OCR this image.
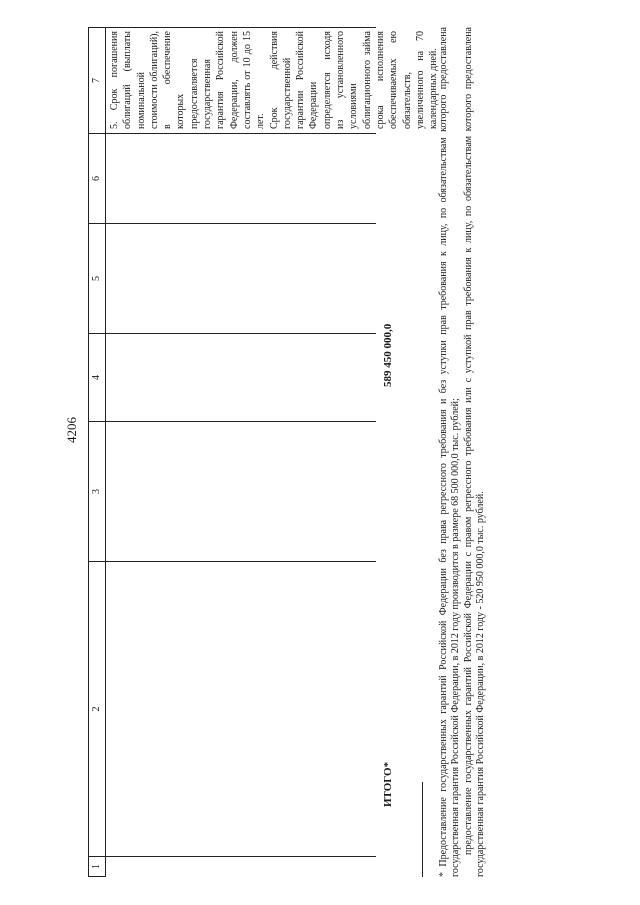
4206
1
2
3
4
5
6
7 5. Срок погашения облигаций (выплаты номинальной стоимости облигаций), в обеспечение которых предоставляется государственная гарантия Российской Федерации, должен составлять от 10 до 15 лет. Срок действия государственной гарантии Российской Федерации определяется исходя из установленного условиями облигационного займа срока исполнения обеспечиваемых ею обязательств, увеличенного на 70 календарных дней.

ИТОГО*
589 450 000,0	* Предоставление государственных гарантий Российской Федерации без права регрессного требования и без уступки прав требования к лицу, по обязательствам которого предоставлена государственная гарантия Российской Федерации, в 2012 году производится в размере 68 500 000,0 тыс. рублей; предоставление государственных гарантий Российской Федерации с правом регрессного требования или с уступкой прав требования к лицу, по обязательствам которого предоставлена государственная гарантия Российской Федерации, в 2012 году - 520 950 000,0 тыс. рублей.
